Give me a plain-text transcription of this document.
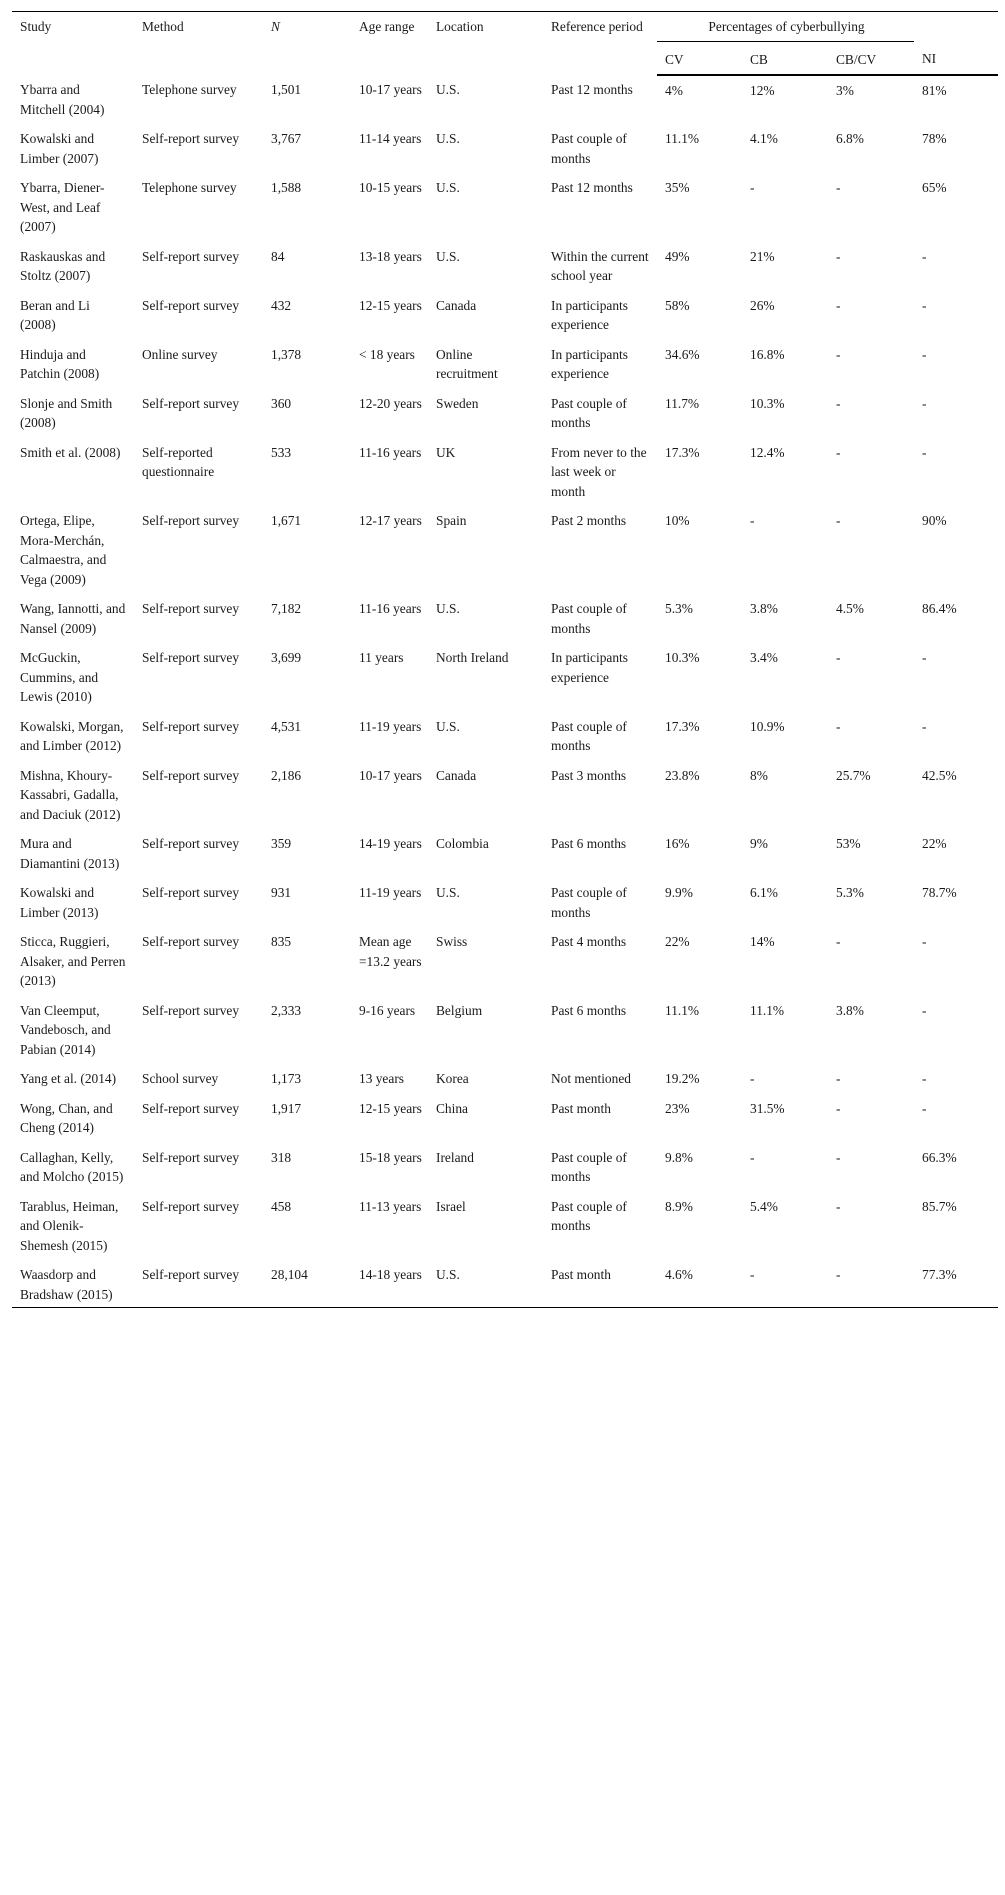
Study	Method	N	Age range	Location	Reference period	Percentages of cyberbullying			
						CV	CB	CB/CV	NI
Ybarra and Mitchell (2004)	Telephone survey	1,501	10-17 years	U.S.	Past 12 months	4%	12%	3%	81%
Kowalski and Limber (2007)	Self-report survey	3,767	11-14 years	U.S.	Past couple of months	11.1%	4.1%	6.8%	78%
Ybarra, Diener-West, and Leaf (2007)	Telephone survey	1,588	10-15 years	U.S.	Past 12 months	35%	-	-	65%
Raskauskas and Stoltz (2007)	Self-report survey	84	13-18 years	U.S.	Within the current school year	49%	21%	-	-
Beran and Li (2008)	Self-report survey	432	12-15 years	Canada	In participants experience	58%	26%	-	-
Hinduja and Patchin (2008)	Online survey	1,378	< 18 years	Online recruitment	In participants experience	34.6%	16.8%	-	-
Slonje and Smith (2008)	Self-report survey	360	12-20 years	Sweden	Past couple of months	11.7%	10.3%	-	-
Smith et al. (2008)	Self-reported questionnaire	533	11-16 years	UK	From never to the last week or month	17.3%	12.4%	-	-
Ortega, Elipe, Mora-Merchán, Calmaestra, and Vega (2009)	Self-report survey	1,671	12-17 years	Spain	Past 2 months	10%	-	-	90%
Wang, Iannotti, and Nansel (2009)	Self-report survey	7,182	11-16 years	U.S.	Past couple of months	5.3%	3.8%	4.5%	86.4%
McGuckin, Cummins, and Lewis (2010)	Self-report survey	3,699	11 years	North Ireland	In participants experience	10.3%	3.4%	-	-
Kowalski, Morgan, and Limber (2012)	Self-report survey	4,531	11-19 years	U.S.	Past couple of months	17.3%	10.9%	-	-
Mishna, Khoury-Kassabri, Gadalla, and Daciuk (2012)	Self-report survey	2,186	10-17 years	Canada	Past 3 months	23.8%	8%	25.7%	42.5%
Mura and Diamantini (2013)	Self-report survey	359	14-19 years	Colombia	Past 6 months	16%	9%	53%	22%
Kowalski and Limber (2013)	Self-report survey	931	11-19 years	U.S.	Past couple of months	9.9%	6.1%	5.3%	78.7%
Sticca, Ruggieri, Alsaker, and Perren (2013)	Self-report survey	835	Mean age =13.2 years	Swiss	Past 4 months	22%	14%	-	-
Van Cleemput, Vandebosch, and Pabian (2014)	Self-report survey	2,333	9-16 years	Belgium	Past 6 months	11.1%	11.1%	3.8%	-
Yang et al. (2014)	School survey	1,173	13 years	Korea	Not mentioned	19.2%	-	-	-
Wong, Chan, and Cheng (2014)	Self-report survey	1,917	12-15 years	China	Past month	23%	31.5%	-	-
Callaghan, Kelly, and Molcho (2015)	Self-report survey	318	15-18 years	Ireland	Past couple of months	9.8%	-	-	66.3%
Tarablus, Heiman, and Olenik-Shemesh (2015)	Self-report survey	458	11-13 years	Israel	Past couple of months	8.9%	5.4%	-	85.7%
Waasdorp and Bradshaw (2015)	Self-report survey	28,104	14-18 years	U.S.	Past month	4.6%	-	-	77.3%
